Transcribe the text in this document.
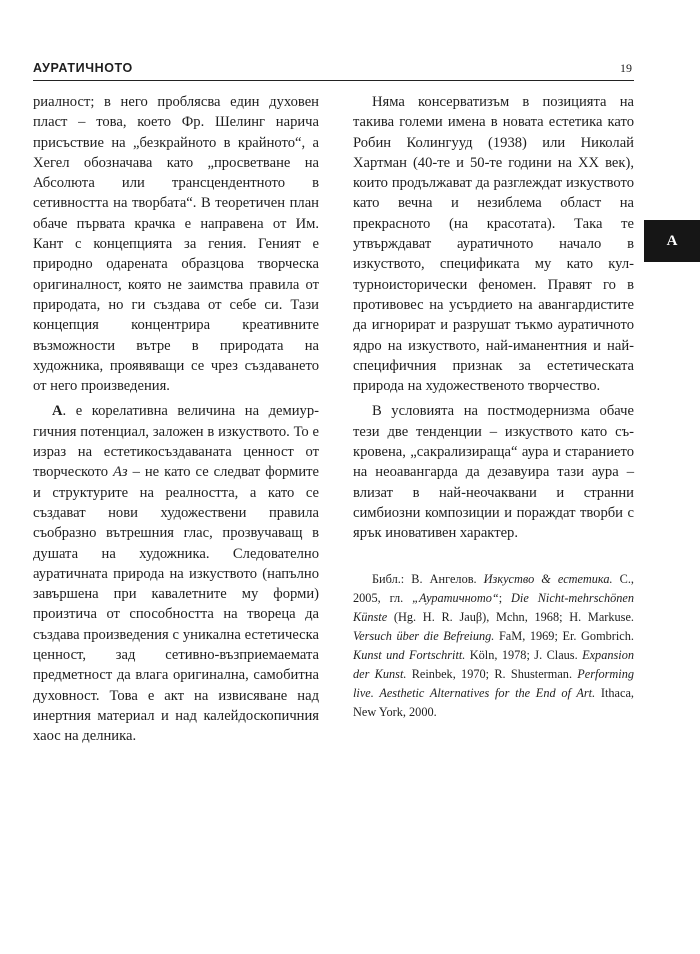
АУРАТИЧНОТО	19
A

риалност; в него проблясва един духовен пласт – това, което Фр. Шелинг нарича присъствие на „безкрайното в крайното“, а Хегел обозначава като „просветване на Абсолюта или трансцендентното в сетивността на творбата“. В теоретичен план обаче първата крачка е направена от Им. Кант с концепцията за гения. Геният е природно одарената образцова творческа оригиналност, която не заимства правила от природата, но ги създава от себе си. Тази концепция концентрира креативните възможности вътре в природата на художника, проявяващи се чрез създаването от него произведения.

А. е корелативна величина на демиургичния потенциал, заложен в изкуството. То е израз на естетикосъздаваната ценност от творческото Аз – не като се следват формите и структурите на реалността, а като се създават нови художествени правила съобразно вътрешния глас, прозвучаващ в душата на художника. Следователно ауратичната природа на изкуството (напълно завършена при кавалетните му форми) произтича от способността на твореца да създава произведения с уникална естетическа ценност, зад сетивно-възприемаемата предметност да влага оригинална, самобитна духовност. Това е акт на извисяване над инертния материал и над калейдоскопичния хаос на делника.

Няма консерватизъм в позицията на такива големи имена в новата естетика като Робин Колингууд (1938) или Николай Хартман (40-те и 50-те години на XX век), които продължават да разглеждат изкуството като вечна и незиблема област на прекрасното (на красотата). Така те утвърждават ауратичното начало в изкуството, спецификата му като културноисторически феномен. Правят го в противовес на усърдието на авангардистите да игнорират и разрушат тъкмо ауратичното ядро на изкуството, най-иманентния и най-специфичния признак за естетическата природа на художественото творчество.

В условията на постмодернизма обаче тези две тенденции – изкуството като съкровена, „сакрализираща“ аура и старанието на неоавангарда да дезавуира тази аура – влизат в най-неочаквани и странни симбиозни композиции и пораждат творби с ярък иновативен характер.

Библ.: В. Ангелов. Изкуство & естетика. С., 2005, гл. „Ауратичното“; Die Nicht-mehrschönen Künste (Hg. H. R. Jauβ), Mchn, 1968; H. Markuse. Versuch über die Befreiung. FaM, 1969; Er. Gombrich. Kunst und Fortschritt. Köln, 1978; J. Claus. Expansion der Kunst. Reinbek, 1970; R. Shusterman. Performing live. Aesthetic Alternatives for the End of Art. Ithaca, New York, 2000.
